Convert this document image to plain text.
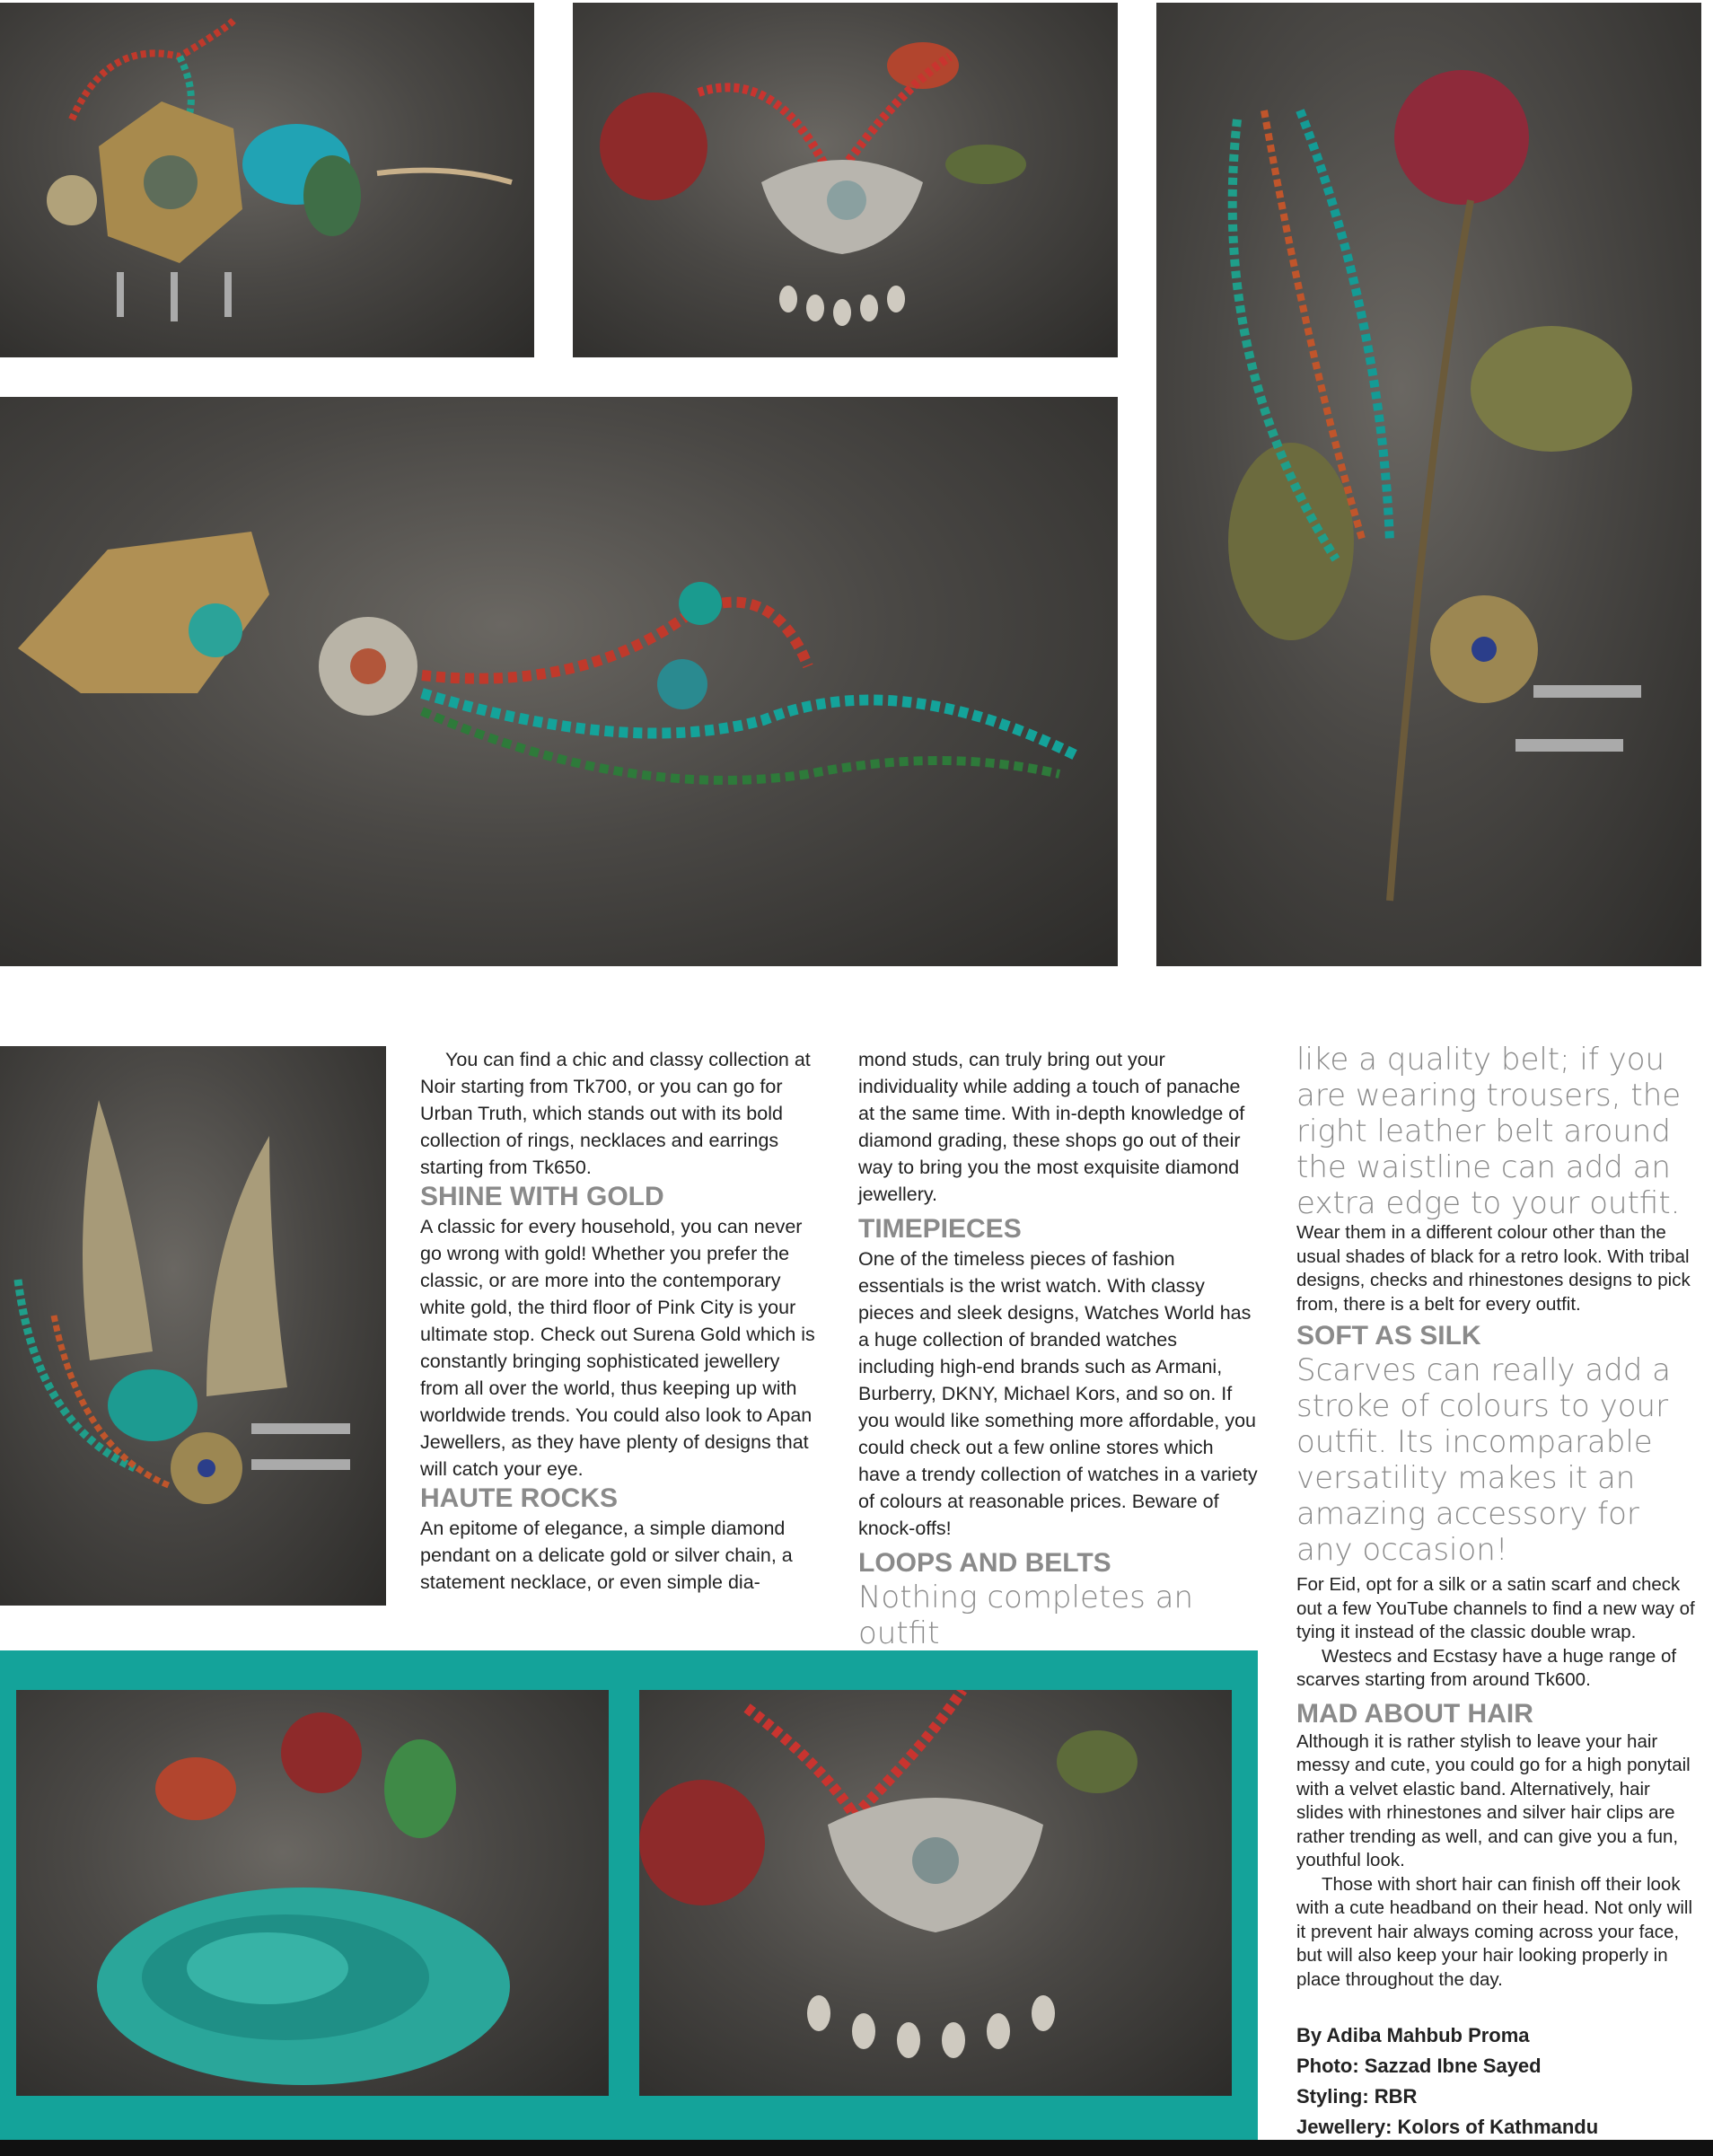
You can find a chic and classy collection at Noir starting from Tk700, or you can go for Urban Truth, which stands out with its bold collection of rings, necklaces and earrings starting from Tk650.

SHINE WITH GOLD

A classic for every household, you can never go wrong with gold! Whether you prefer the classic, or are more into the contemporary white gold, the third floor of Pink City is your ultimate stop. Check out Surena Gold which is constantly bringing sophisticated jewellery from all over the world, thus keeping up with worldwide trends. You could also look to Apan Jewellers, as they have plenty of designs that will catch your eye.

HAUTE ROCKS

An epitome of elegance, a simple diamond pendant on a delicate gold or silver chain, a statement necklace, or even simple dia-

mond studs, can truly bring out your individuality while adding a touch of panache at the same time. With in-depth knowledge of diamond grading, these shops go out of their way to bring you the most exquisite diamond jewellery.

TIMEPIECES

One of the timeless pieces of fashion essentials is the wrist watch. With classy pieces and sleek designs, Watches World has a huge collection of branded watches including high-end brands such as Armani, Burberry, DKNY, Michael Kors, and so on. If you would like something more affordable, you could check out a few online stores which have a trendy collection of watches in a variety of colours at reasonable prices. Beware of knock-offs!

LOOPS AND BELTS

Nothing completes an outfit

like a quality belt; if you are wearing trousers, the right leather belt around the waistline can add an extra edge to your outfit.

Wear them in a different colour other than the usual shades of black for a retro look. With tribal designs, checks and rhinestones designs to pick from, there is a belt for every outfit.

SOFT AS SILK

Scarves can really add a stroke of colours to your outfit. Its incomparable versatility makes it an amazing accessory for any occasion!

For Eid, opt for a silk or a satin scarf and check out a few YouTube channels to find a new way of tying it instead of the classic double wrap.

Westecs and Ecstasy have a huge range of scarves starting from around Tk600.

MAD ABOUT HAIR

Although it is rather stylish to leave your hair messy and cute, you could go for a high ponytail with a velvet elastic band. Alternatively, hair slides with rhinestones and silver hair clips are rather trending as well, and can give you a fun, youthful look.

Those with short hair can finish off their look with a cute headband on their head. Not only will it prevent hair always coming across your face, but will also keep your hair looking properly in place throughout the day.

By Adiba Mahbub Proma

Photo: Sazzad Ibne Sayed

Styling: RBR

Jewellery: Kolors of Kathmandu
